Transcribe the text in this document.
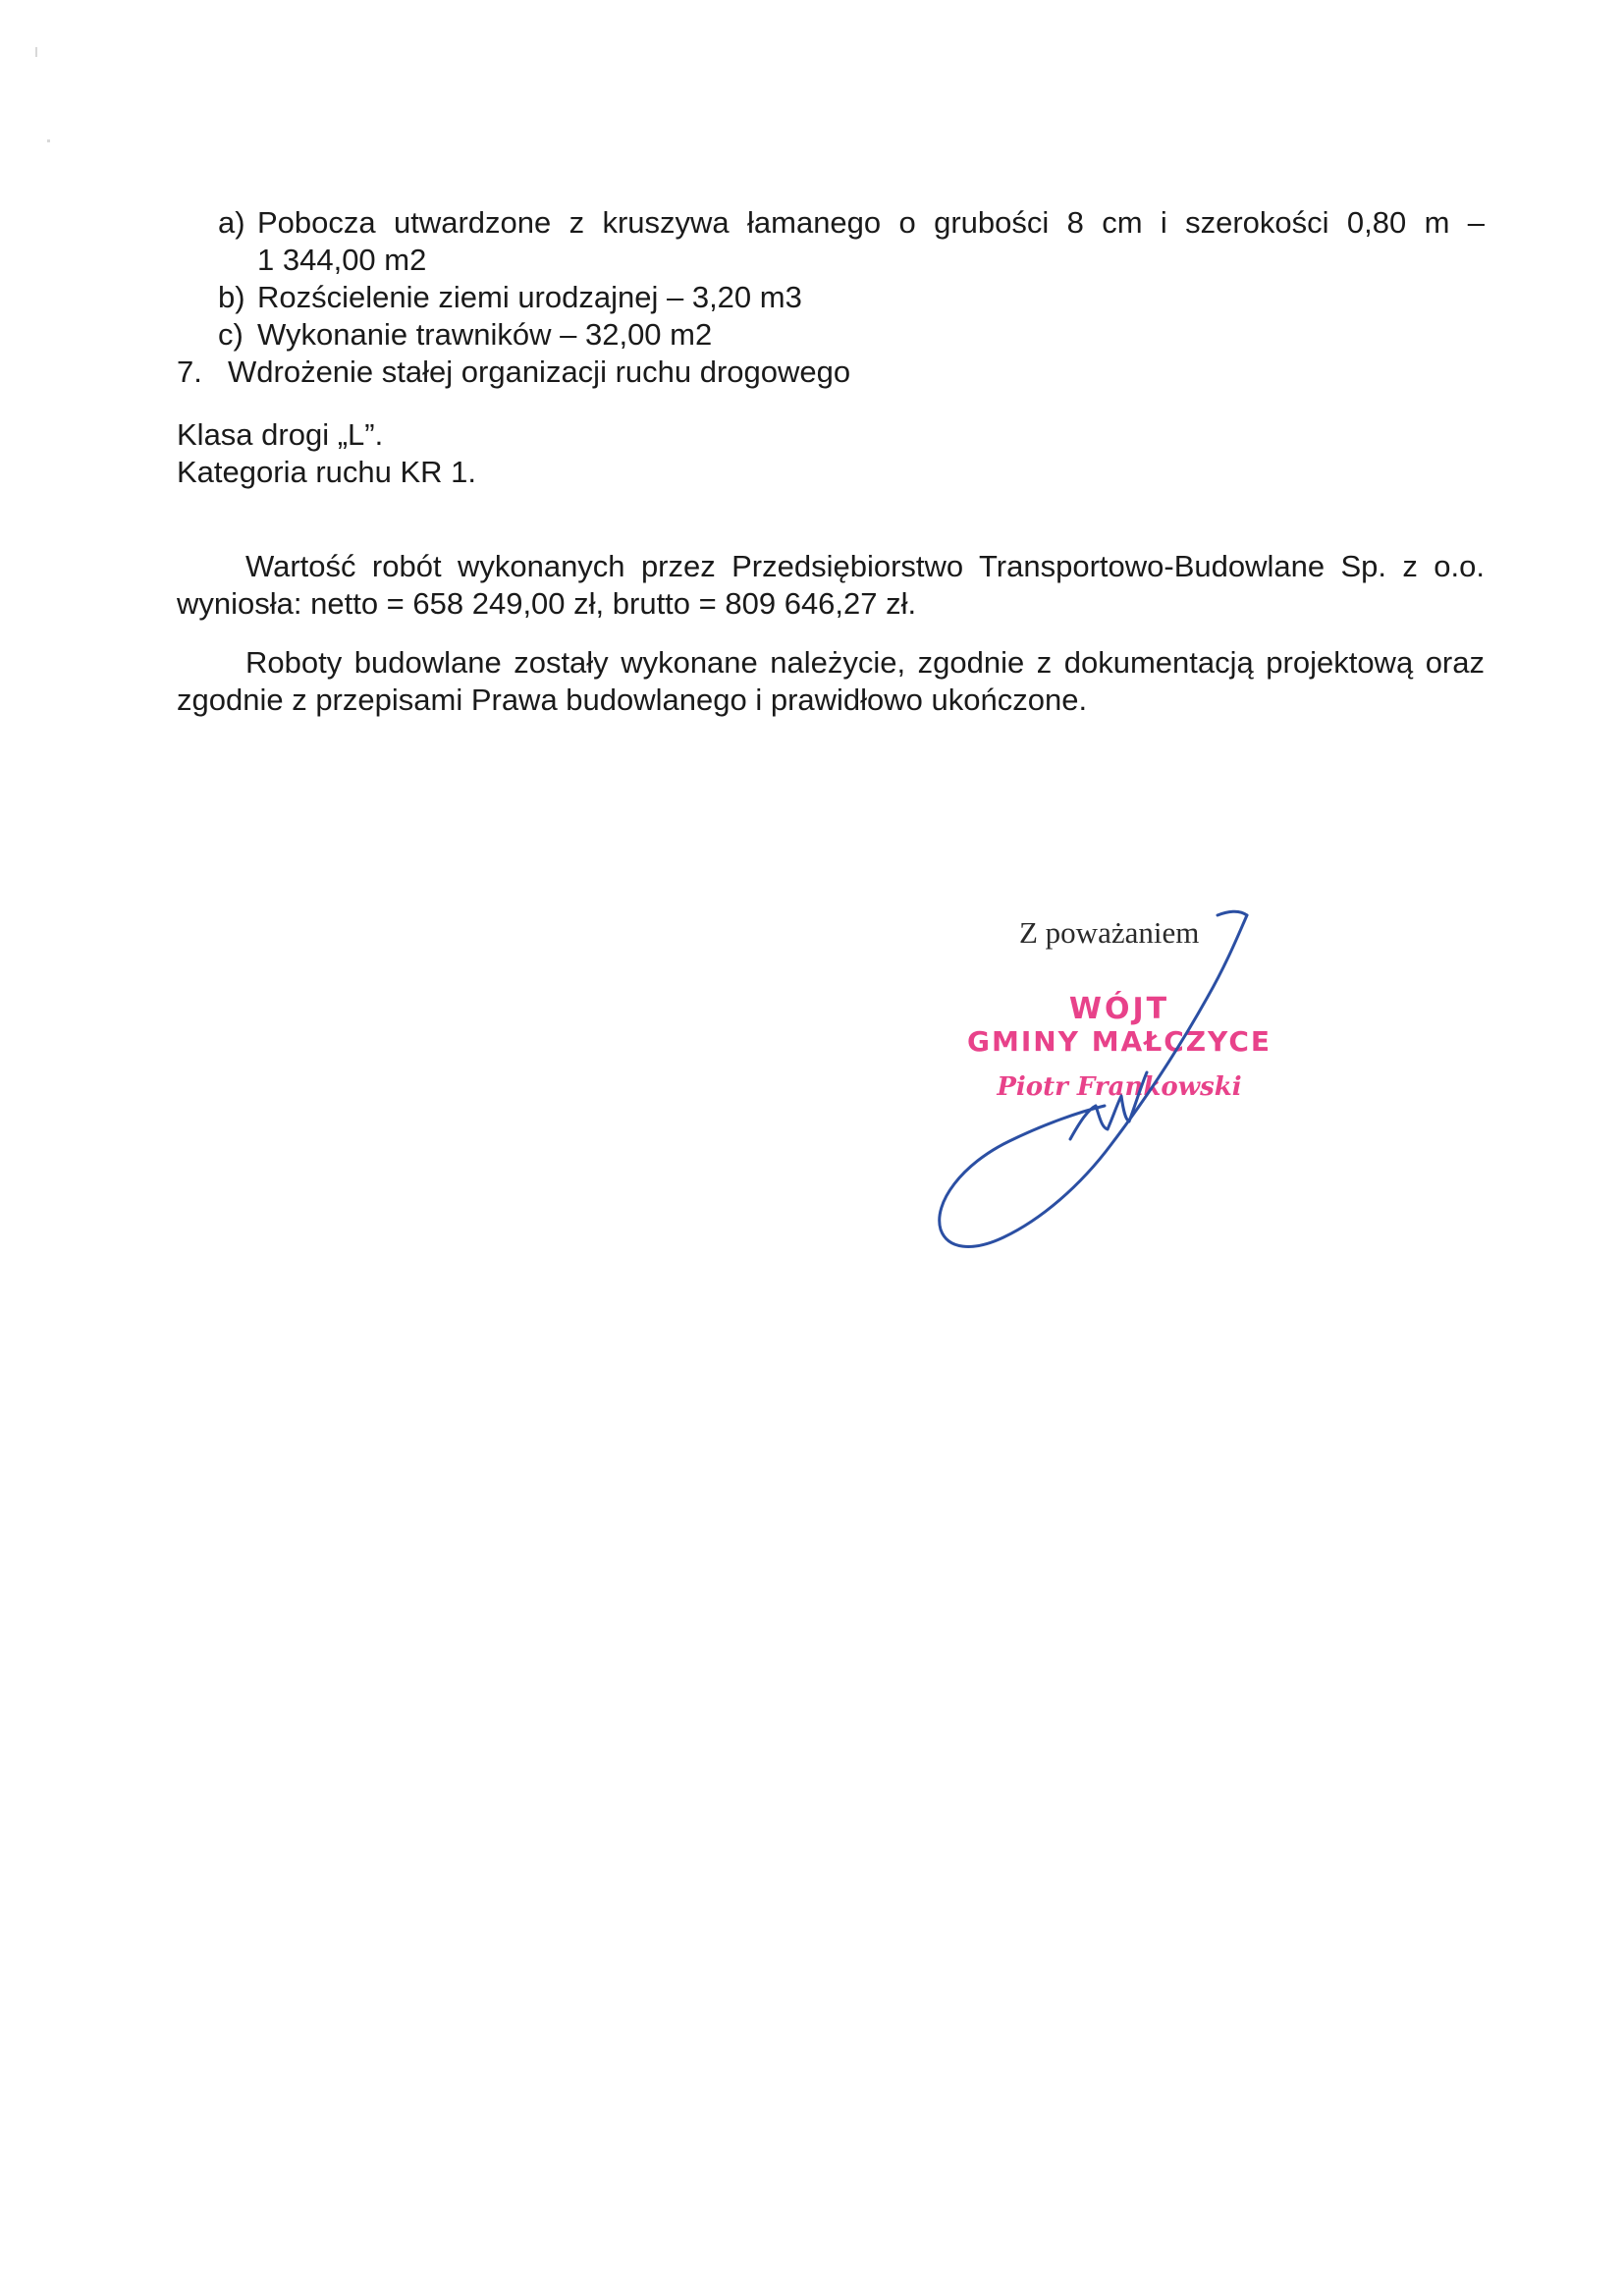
a) Pobocza utwardzone z kruszywa łamanego o grubości 8 cm i szerokości 0,80 m –
1 344,00 m2
b) Rozścielenie ziemi urodzajnej – 3,20 m3
c) Wykonanie trawników – 32,00 m2
7. Wdrożenie stałej organizacji ruchu drogowego
Klasa drogi „L”.
Kategoria ruchu KR 1.
Wartość robót wykonanych przez Przedsiębiorstwo Transportowo-Budowlane Sp. z o.o.
wyniosła: netto = 658 249,00 zł, brutto = 809 646,27 zł.
Roboty budowlane zostały wykonane należycie, zgodnie z dokumentacją projektową oraz
zgodnie z przepisami Prawa budowlanego i prawidłowo ukończone.
Z poważaniem
WÓJT
GMINY MAŁCZYCE
Piotr Frankowski
